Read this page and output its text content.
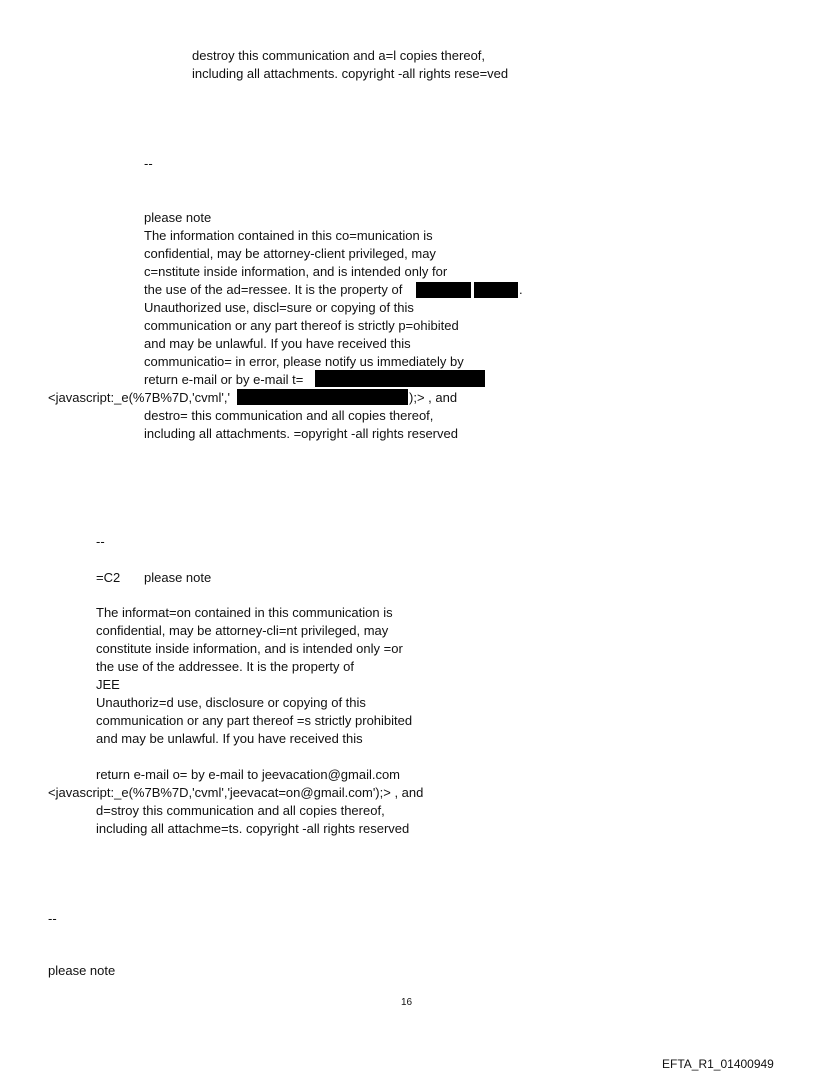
destroy this communication and a=l copies thereof,
including all attachments. copyright -all rights rese=ved
--
please note
The information contained in this co=munication is
confidential, may be attorney-client privileged, may
c=nstitute inside information, and is intended only for
the use of the ad=ressee. It is the property of	.
Unauthorized use, discl=sure or copying of this
communication or any part thereof is strictly p=ohibited
and may be unlawful. If you have received this
communicatio= in error, please notify us immediately by
return e-mail or by e-mail t=
<javascript:_e(%7B%7D,'cvml','	);> , and
destro= this communication and all copies thereof,
including all attachments. =opyright -all rights reserved
--
=C2 please note
The informat=on contained in this communication is
confidential, may be attorney-cli=nt privileged, may
constitute inside information, and is intended only =or
the use of the addressee. It is the property of
JEE
Unauthoriz=d use, disclosure or copying of this
communication or any part thereof =s strictly prohibited
and may be unlawful. If you have received this
return e-mail o= by e-mail to jeevacation@gmail.com
<javascript:_e(%7B%7D,'cvml','jeevacat=on@gmail.com');> , and
d=stroy this communication and all copies thereof,
including all attachme=ts. copyright -all rights reserved
--
please note
16
EFTA_R1_01400949
